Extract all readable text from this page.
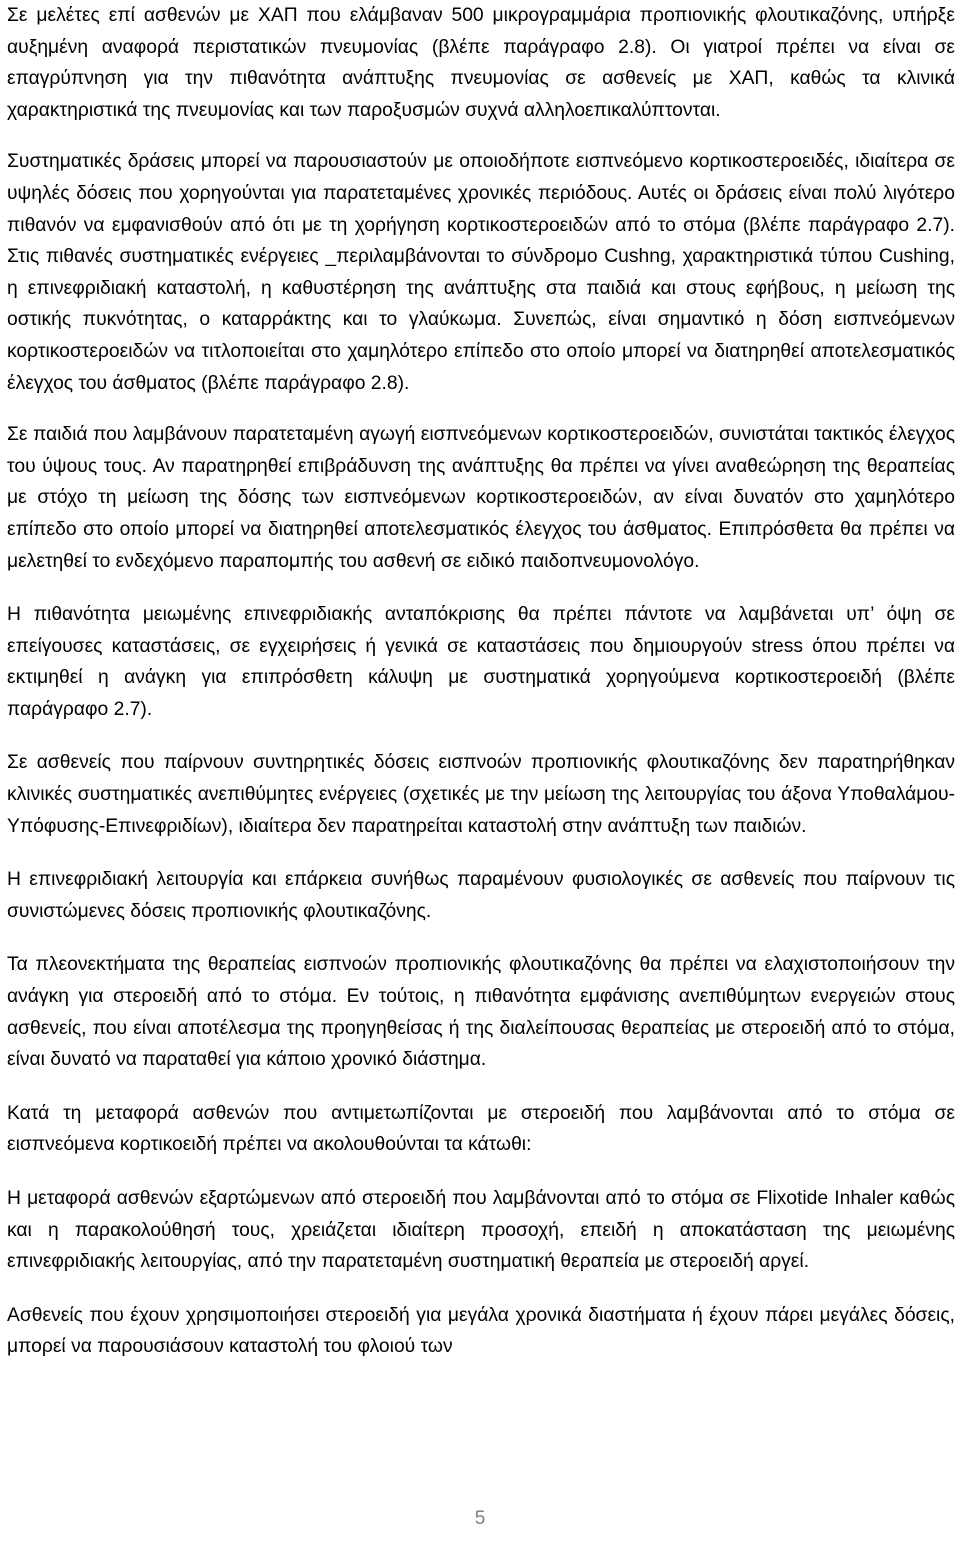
Σε μελέτες επί ασθενών με ΧΑΠ που ελάμβαναν 500 μικρογραμμάρια προπιονικής φλουτικαζόνης, υπήρξε αυξημένη αναφορά περιστατικών πνευμονίας (βλέπε παράγραφο 2.8). Οι γιατροί πρέπει να είναι σε επαγρύπνηση για την πιθανότητα ανάπτυξης πνευμονίας σε ασθενείς με ΧΑΠ, καθώς τα κλινικά χαρακτηριστικά της πνευμονίας και των παροξυσμών συχνά αλληλοεπικαλύπτονται.

Συστηματικές δράσεις μπορεί να παρουσιαστούν με οποιοδήποτε εισπνεόμενο κορτικοστεροειδές, ιδιαίτερα σε υψηλές δόσεις που χορηγούνται για παρατεταμένες χρονικές περιόδους. Αυτές οι δράσεις είναι πολύ λιγότερο πιθανόν να εμφανισθούν από ότι με τη χορήγηση κορτικοστεροειδών από το στόμα (βλέπε παράγραφο 2.7). Στις πιθανές συστηματικές ενέργειες _περιλαμβάνονται το σύνδρομο Cushng, χαρακτηριστικά τύπου Cushing, η επινεφριδιακή καταστολή, η καθυστέρηση της ανάπτυξης στα παιδιά και στους εφήβους, η μείωση της οστικής πυκνότητας, ο καταρράκτης και το γλαύκωμα. Συνεπώς, είναι σημαντικό η δόση εισπνεόμενων κορτικοστεροειδών να τιτλοποιείται στο χαμηλότερο επίπεδο στο οποίο μπορεί να διατηρηθεί αποτελεσματικός έλεγχος του άσθματος (βλέπε παράγραφο 2.8).

Σε παιδιά που λαμβάνουν παρατεταμένη αγωγή εισπνεόμενων κορτικοστεροειδών, συνιστάται τακτικός έλεγχος του ύψους τους. Αν παρατηρηθεί επιβράδυνση της ανάπτυξης θα πρέπει να γίνει αναθεώρηση της θεραπείας με στόχο τη μείωση της δόσης των εισπνεόμενων κορτικοστεροειδών, αν είναι δυνατόν στο χαμηλότερο επίπεδο στο οποίο μπορεί να διατηρηθεί αποτελεσματικός έλεγχος του άσθματος. Επιπρόσθετα θα πρέπει να μελετηθεί το ενδεχόμενο παραπομπής του ασθενή σε ειδικό παιδοπνευμονολόγο.

Η πιθανότητα μειωμένης επινεφριδιακής ανταπόκρισης θα πρέπει πάντοτε να λαμβάνεται υπ’ όψη σε επείγουσες καταστάσεις, σε εγχειρήσεις ή γενικά σε καταστάσεις που δημιουργούν stress όπου πρέπει να εκτιμηθεί η ανάγκη για επιπρόσθετη κάλυψη με συστηματικά χορηγούμενα κορτικοστεροειδή (βλέπε παράγραφο 2.7).

Σε ασθενείς που παίρνουν συντηρητικές δόσεις εισπνοών προπιονικής φλουτικαζόνης δεν παρατηρήθηκαν κλινικές συστηματικές ανεπιθύμητες ενέργειες (σχετικές με την μείωση της λειτουργίας του άξονα Υποθαλάμου-Υπόφυσης-Επινεφριδίων), ιδιαίτερα δεν παρατηρείται καταστολή στην ανάπτυξη των παιδιών.

Η επινεφριδιακή λειτουργία και επάρκεια συνήθως παραμένουν φυσιολογικές σε ασθενείς που παίρνουν τις συνιστώμενες δόσεις προπιονικής φλουτικαζόνης.

Τα πλεονεκτήματα της θεραπείας εισπνοών προπιονικής φλουτικαζόνης θα πρέπει να ελαχιστοποιήσουν την ανάγκη για στεροειδή από το στόμα. Εν τούτοις, η πιθανότητα εμφάνισης ανεπιθύμητων ενεργειών στους ασθενείς, που είναι αποτέλεσμα της προηγηθείσας ή της διαλείπουσας θεραπείας με στεροειδή από το στόμα, είναι δυνατό να παραταθεί για κάποιο χρονικό διάστημα.

Κατά τη μεταφορά ασθενών που αντιμετωπίζονται με στεροειδή που λαμβάνονται από το στόμα σε εισπνεόμενα κορτικοειδή πρέπει να ακολουθούνται τα κάτωθι:

Η μεταφορά ασθενών εξαρτώμενων από στεροειδή που λαμβάνονται από το στόμα σε Flixotide Inhaler καθώς και η παρακολούθησή τους, χρειάζεται ιδιαίτερη προσοχή, επειδή η αποκατάσταση της μειωμένης επινεφριδιακής λειτουργίας, από την παρατεταμένη συστηματική θεραπεία με στεροειδή αργεί.

Ασθενείς που έχουν χρησιμοποιήσει στεροειδή για μεγάλα χρονικά διαστήματα ή έχουν πάρει μεγάλες δόσεις, μπορεί να παρουσιάσουν καταστολή του φλοιού των

5
